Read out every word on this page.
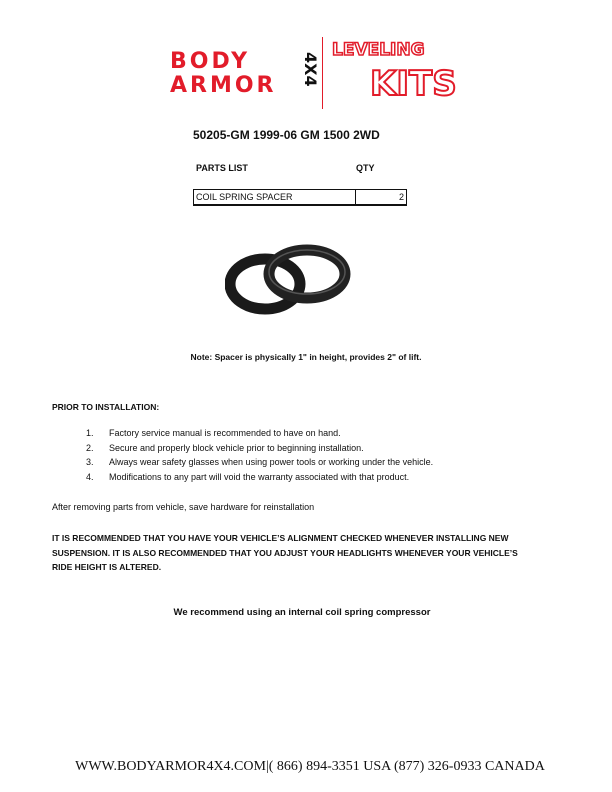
BODY
ARMOR	4X4
LEVELING
KITS
50205-GM 1999-06 GM 1500 2WD
PARTS LIST	QTY
COIL SPRING SPACER	2
Note: Spacer is physically 1" in height, provides 2" of lift.
PRIOR TO INSTALLATION:
1. Factory service manual is recommended to have on hand.
2. Secure and properly block vehicle prior to beginning installation.
3. Always wear safety glasses when using power tools or working under the vehicle.
4. Modifications to any part will void the warranty associated with that product.
After removing parts from vehicle, save hardware for reinstallation
IT IS RECOMMENDED THAT YOU HAVE YOUR VEHICLE’S ALIGNMENT CHECKED WHENEVER INSTALLING NEW SUSPENSION. IT IS ALSO RECOMMENDED THAT YOU ADJUST YOUR HEADLIGHTS WHENEVER YOUR VEHICLE’S RIDE HEIGHT IS ALTERED.
We recommend using an internal coil spring compressor
WWW.BODYARMOR4X4.COM|( 866) 894-3351 USA (877) 326-0933 CANADA
